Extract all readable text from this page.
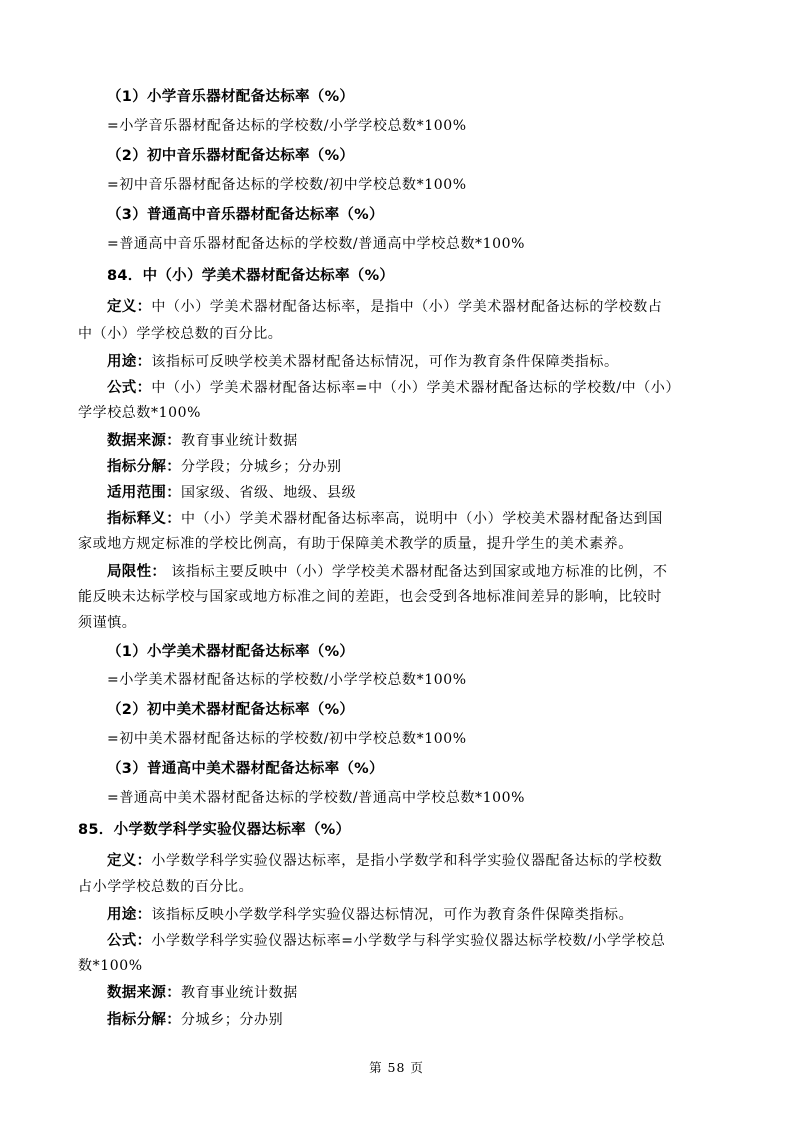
（1）小学音乐器材配备达标率（%）
=小学音乐器材配备达标的学校数/小学学校总数*100%
（2）初中音乐器材配备达标率（%）
=初中音乐器材配备达标的学校数/初中学校总数*100%
（3）普通高中音乐器材配备达标率（%）
=普通高中音乐器材配备达标的学校数/普通高中学校总数*100%
84．中（小）学美术器材配备达标率（%）
定义：中（小）学美术器材配备达标率，是指中（小）学美术器材配备达标的学校数占
中（小）学学校总数的百分比。
用途：该指标可反映学校美术器材配备达标情况，可作为教育条件保障类指标。
公式：中（小）学美术器材配备达标率=中（小）学美术器材配备达标的学校数/中（小）
学学校总数*100%
数据来源：教育事业统计数据
指标分解：分学段；分城乡；分办别
适用范围：国家级、省级、地级、县级
指标释义：中（小）学美术器材配备达标率高，说明中（小）学校美术器材配备达到国
家或地方规定标准的学校比例高，有助于保障美术教学的质量，提升学生的美术素养。
局限性： 该指标主要反映中（小）学学校美术器材配备达到国家或地方标准的比例，不
能反映未达标学校与国家或地方标准之间的差距，也会受到各地标准间差异的影响，比较时
须谨慎。
（1）小学美术器材配备达标率（%）
=小学美术器材配备达标的学校数/小学学校总数*100%
（2）初中美术器材配备达标率（%）
=初中美术器材配备达标的学校数/初中学校总数*100%
（3）普通高中美术器材配备达标率（%）
=普通高中美术器材配备达标的学校数/普通高中学校总数*100%
85．小学数学科学实验仪器达标率（%）
定义：小学数学科学实验仪器达标率，是指小学数学和科学实验仪器配备达标的学校数
占小学学校总数的百分比。
用途：该指标反映小学数学科学实验仪器达标情况，可作为教育条件保障类指标。
公式：小学数学科学实验仪器达标率=小学数学与科学实验仪器达标学校数/小学学校总
数*100%
数据来源：教育事业统计数据
指标分解：分城乡；分办别
第 58 页
